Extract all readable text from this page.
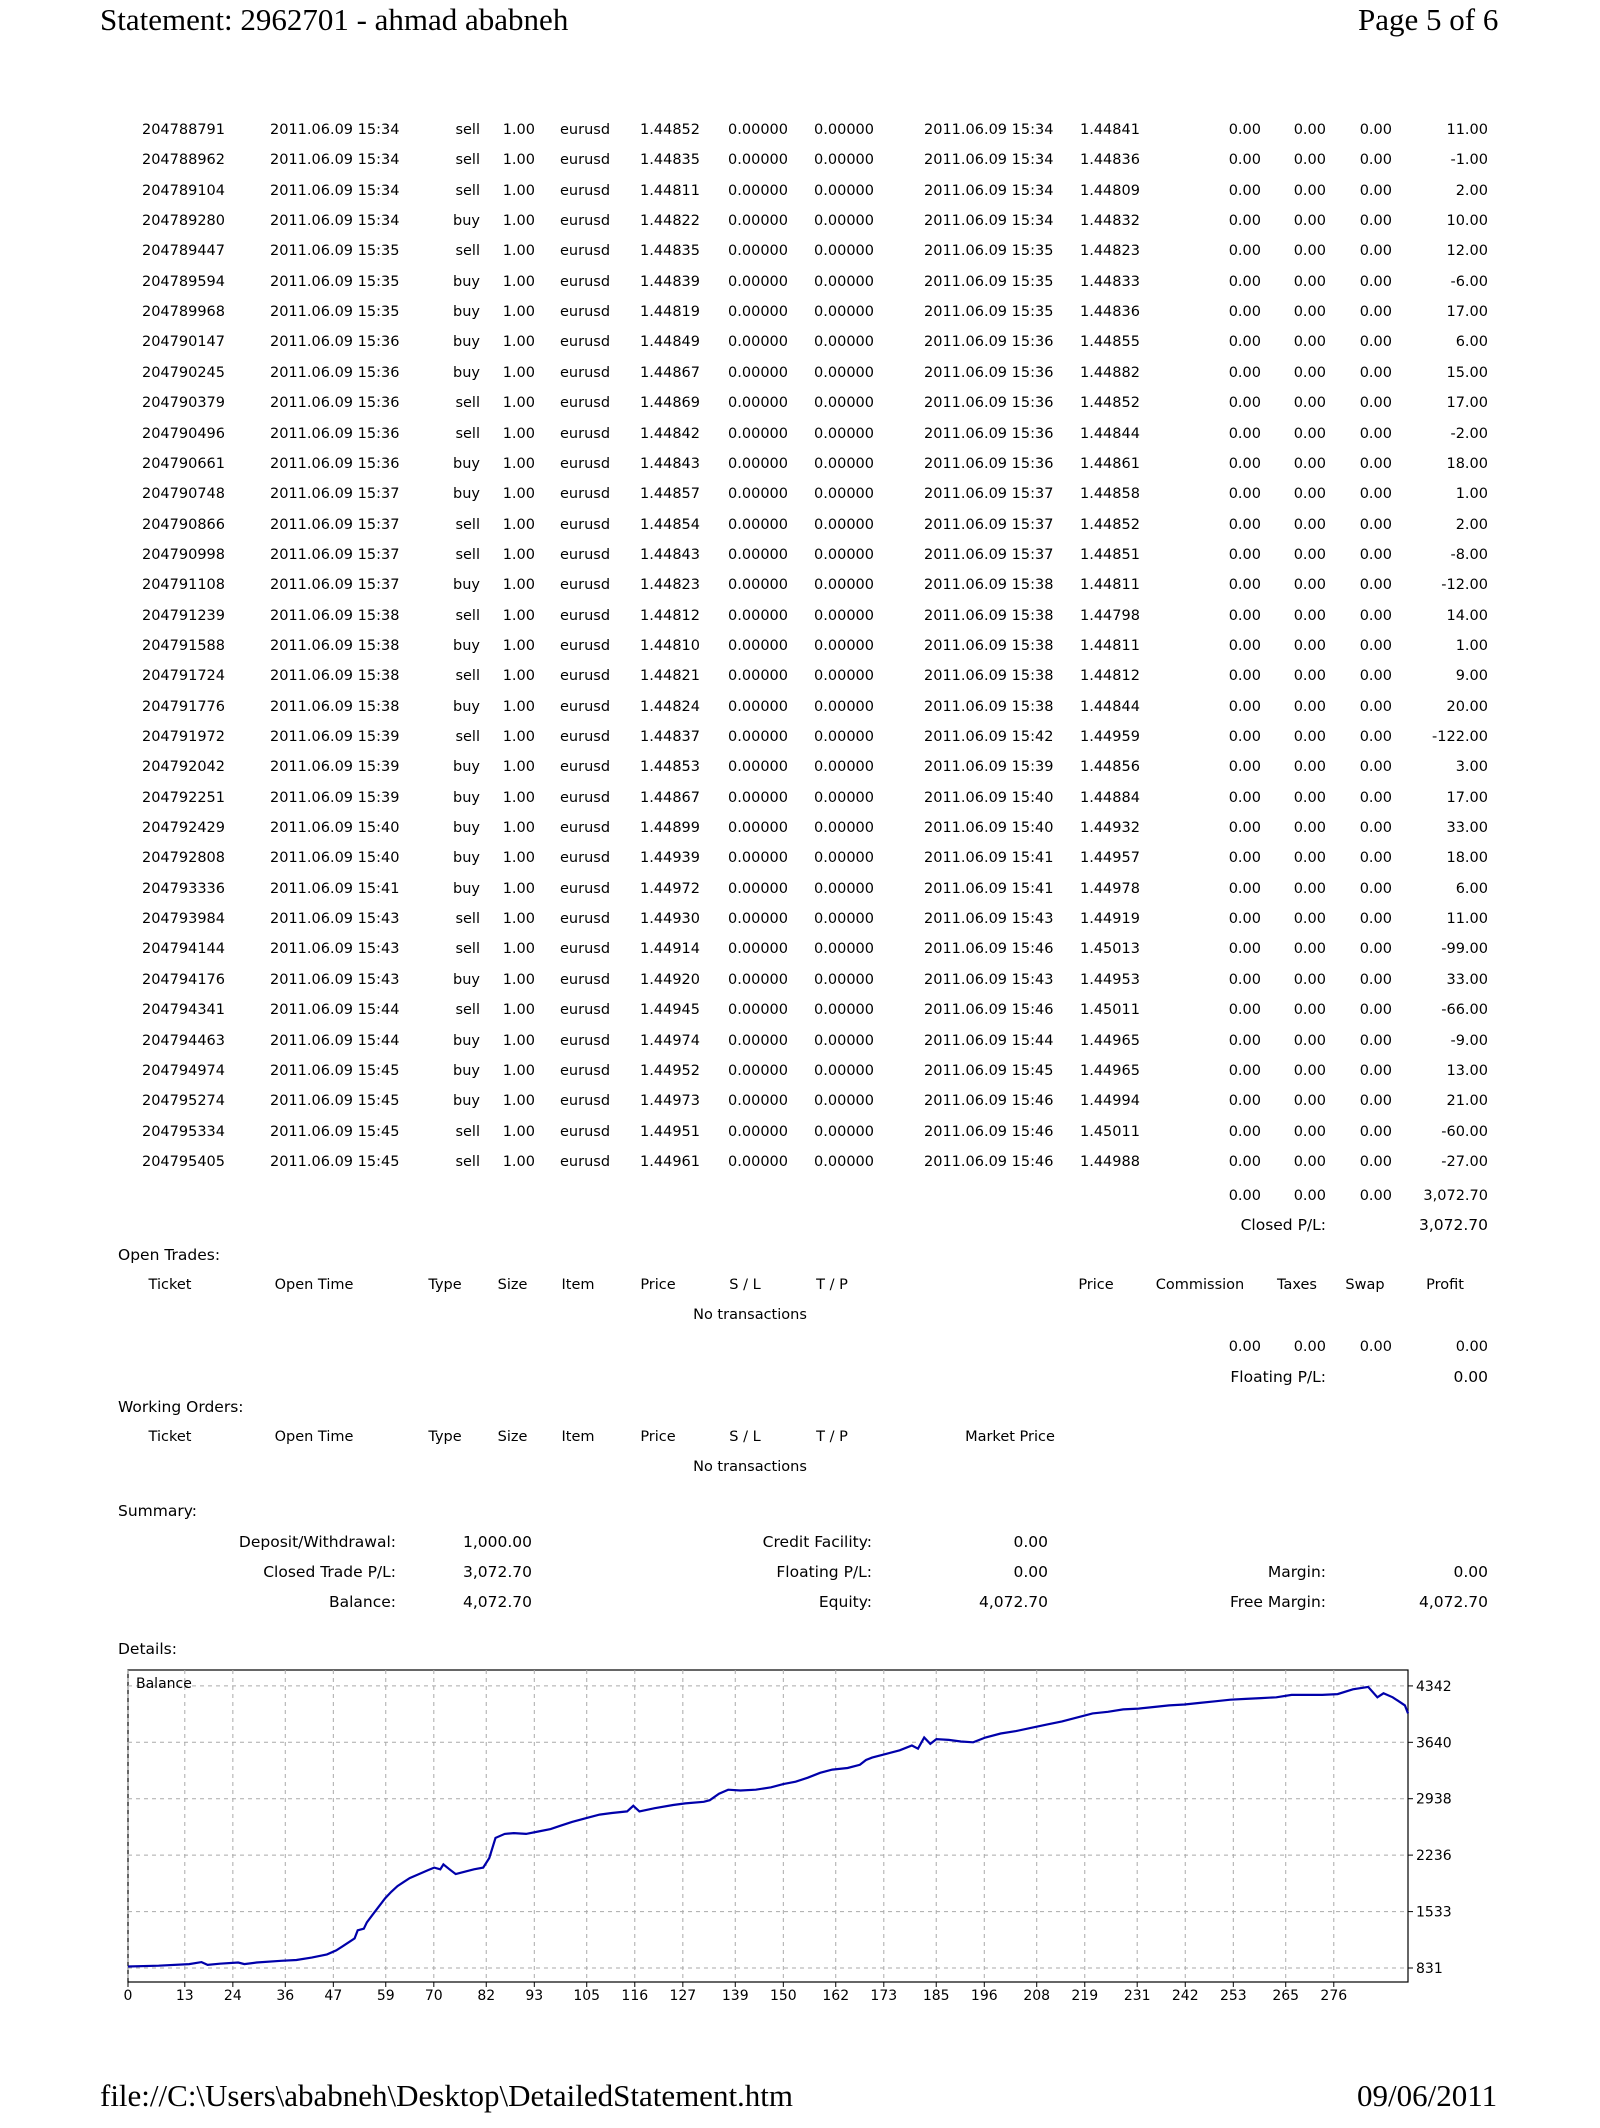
Statement: 2962701 - ahmad ababneh	Page 5 of 6
204788791	2011.06.09 15:34	sell	1.00 eurusd	1.44852	0.00000	0.00000	2011.06.09 15:34 1.44841	0.00	0.00	0.00	11.00
204788962	2011.06.09 15:34	sell	1.00 eurusd	1.44835	0.00000	0.00000	2011.06.09 15:34 1.44836	0.00	0.00	0.00	-1.00
204789104	2011.06.09 15:34	sell	1.00 eurusd	1.44811	0.00000	0.00000	2011.06.09 15:34 1.44809	0.00	0.00	0.00	2.00
204789280	2011.06.09 15:34	buy	1.00 eurusd	1.44822	0.00000	0.00000	2011.06.09 15:34 1.44832	0.00	0.00	0.00	10.00
204789447	2011.06.09 15:35	sell	1.00 eurusd	1.44835	0.00000	0.00000	2011.06.09 15:35 1.44823	0.00	0.00	0.00	12.00
204789594	2011.06.09 15:35	buy	1.00 eurusd	1.44839	0.00000	0.00000	2011.06.09 15:35 1.44833	0.00	0.00	0.00	-6.00
204789968	2011.06.09 15:35	buy	1.00 eurusd	1.44819	0.00000	0.00000	2011.06.09 15:35 1.44836	0.00	0.00	0.00	17.00
204790147	2011.06.09 15:36	buy	1.00 eurusd	1.44849	0.00000	0.00000	2011.06.09 15:36 1.44855	0.00	0.00	0.00	6.00
204790245	2011.06.09 15:36	buy	1.00 eurusd	1.44867	0.00000	0.00000	2011.06.09 15:36 1.44882	0.00	0.00	0.00	15.00
204790379	2011.06.09 15:36	sell	1.00 eurusd	1.44869	0.00000	0.00000	2011.06.09 15:36 1.44852	0.00	0.00	0.00	17.00
204790496	2011.06.09 15:36	sell	1.00 eurusd	1.44842	0.00000	0.00000	2011.06.09 15:36 1.44844	0.00	0.00	0.00	-2.00
204790661	2011.06.09 15:36	buy	1.00 eurusd	1.44843	0.00000	0.00000	2011.06.09 15:36 1.44861	0.00	0.00	0.00	18.00
204790748	2011.06.09 15:37	buy	1.00 eurusd	1.44857	0.00000	0.00000	2011.06.09 15:37 1.44858	0.00	0.00	0.00	1.00
204790866	2011.06.09 15:37	sell	1.00 eurusd	1.44854	0.00000	0.00000	2011.06.09 15:37 1.44852	0.00	0.00	0.00	2.00
204790998	2011.06.09 15:37	sell	1.00 eurusd	1.44843	0.00000	0.00000	2011.06.09 15:37 1.44851	0.00	0.00	0.00	-8.00
204791108	2011.06.09 15:37	buy	1.00 eurusd	1.44823	0.00000	0.00000	2011.06.09 15:38 1.44811	0.00	0.00	0.00	-12.00
204791239	2011.06.09 15:38	sell	1.00 eurusd	1.44812	0.00000	0.00000	2011.06.09 15:38 1.44798	0.00	0.00	0.00	14.00
204791588	2011.06.09 15:38	buy	1.00 eurusd	1.44810	0.00000	0.00000	2011.06.09 15:38 1.44811	0.00	0.00	0.00	1.00
204791724	2011.06.09 15:38	sell	1.00 eurusd	1.44821	0.00000	0.00000	2011.06.09 15:38 1.44812	0.00	0.00	0.00	9.00
204791776	2011.06.09 15:38	buy	1.00 eurusd	1.44824	0.00000	0.00000	2011.06.09 15:38 1.44844	0.00	0.00	0.00	20.00
204791972	2011.06.09 15:39	sell	1.00 eurusd	1.44837	0.00000	0.00000	2011.06.09 15:42 1.44959	0.00	0.00	0.00	-122.00
204792042	2011.06.09 15:39	buy	1.00 eurusd	1.44853	0.00000	0.00000	2011.06.09 15:39 1.44856	0.00	0.00	0.00	3.00
204792251	2011.06.09 15:39	buy	1.00 eurusd	1.44867	0.00000	0.00000	2011.06.09 15:40 1.44884	0.00	0.00	0.00	17.00
204792429	2011.06.09 15:40	buy	1.00 eurusd	1.44899	0.00000	0.00000	2011.06.09 15:40 1.44932	0.00	0.00	0.00	33.00
204792808	2011.06.09 15:40	buy	1.00 eurusd	1.44939	0.00000	0.00000	2011.06.09 15:41 1.44957	0.00	0.00	0.00	18.00
204793336	2011.06.09 15:41	buy	1.00 eurusd	1.44972	0.00000	0.00000	2011.06.09 15:41 1.44978	0.00	0.00	0.00	6.00
204793984	2011.06.09 15:43	sell	1.00 eurusd	1.44930	0.00000	0.00000	2011.06.09 15:43 1.44919	0.00	0.00	0.00	11.00
204794144	2011.06.09 15:43	sell	1.00 eurusd	1.44914	0.00000	0.00000	2011.06.09 15:46 1.45013	0.00	0.00	0.00	-99.00
204794176	2011.06.09 15:43	buy	1.00 eurusd	1.44920	0.00000	0.00000	2011.06.09 15:43 1.44953	0.00	0.00	0.00	33.00
204794341	2011.06.09 15:44	sell	1.00 eurusd	1.44945	0.00000	0.00000	2011.06.09 15:46 1.45011	0.00	0.00	0.00	-66.00
204794463	2011.06.09 15:44	buy	1.00 eurusd	1.44974	0.00000	0.00000	2011.06.09 15:44 1.44965	0.00	0.00	0.00	-9.00
204794974	2011.06.09 15:45	buy	1.00 eurusd	1.44952	0.00000	0.00000	2011.06.09 15:45 1.44965	0.00	0.00	0.00	13.00
204795274	2011.06.09 15:45	buy	1.00 eurusd	1.44973	0.00000	0.00000	2011.06.09 15:46 1.44994	0.00	0.00	0.00	21.00
204795334	2011.06.09 15:45	sell	1.00 eurusd	1.44951	0.00000	0.00000	2011.06.09 15:46 1.45011	0.00	0.00	0.00	-60.00
204795405	2011.06.09 15:45	sell	1.00 eurusd	1.44961	0.00000	0.00000	2011.06.09 15:46 1.44988	0.00	0.00	0.00	-27.00
0.00	0.00	0.00	3,072.70
Closed P/L:	3,072.70
Open Trades:
Ticket	Open Time	Type	Size	Item	Price	S / L	T / P	Price	Commission	Taxes	Swap	Profit
No transactions
0.00	0.00	0.00	0.00
Floating P/L:	0.00
Working Orders:
Ticket	Open Time	Type	Size	Item	Price	S / L	T / P	Market Price
No transactions
Summary:
Deposit/Withdrawal:	1,000.00
Closed Trade P/L:	3,072.70
Balance:	4,072.70
Credit Facility:	0.00
Floating P/L:	0.00
Equity:	4,072.70
Margin:	0.00
Free Margin:	4,072.70
Details:
831
1533
2236
2938
3640
4342
0	13 24 36 47 59 70 82 93 105 116 127 139 150 162 173 185 196 208 219 231 242 253 265 276
Balance
file://C:\Users\ababneh\Desktop\DetailedStatement.htm	09/06/2011
